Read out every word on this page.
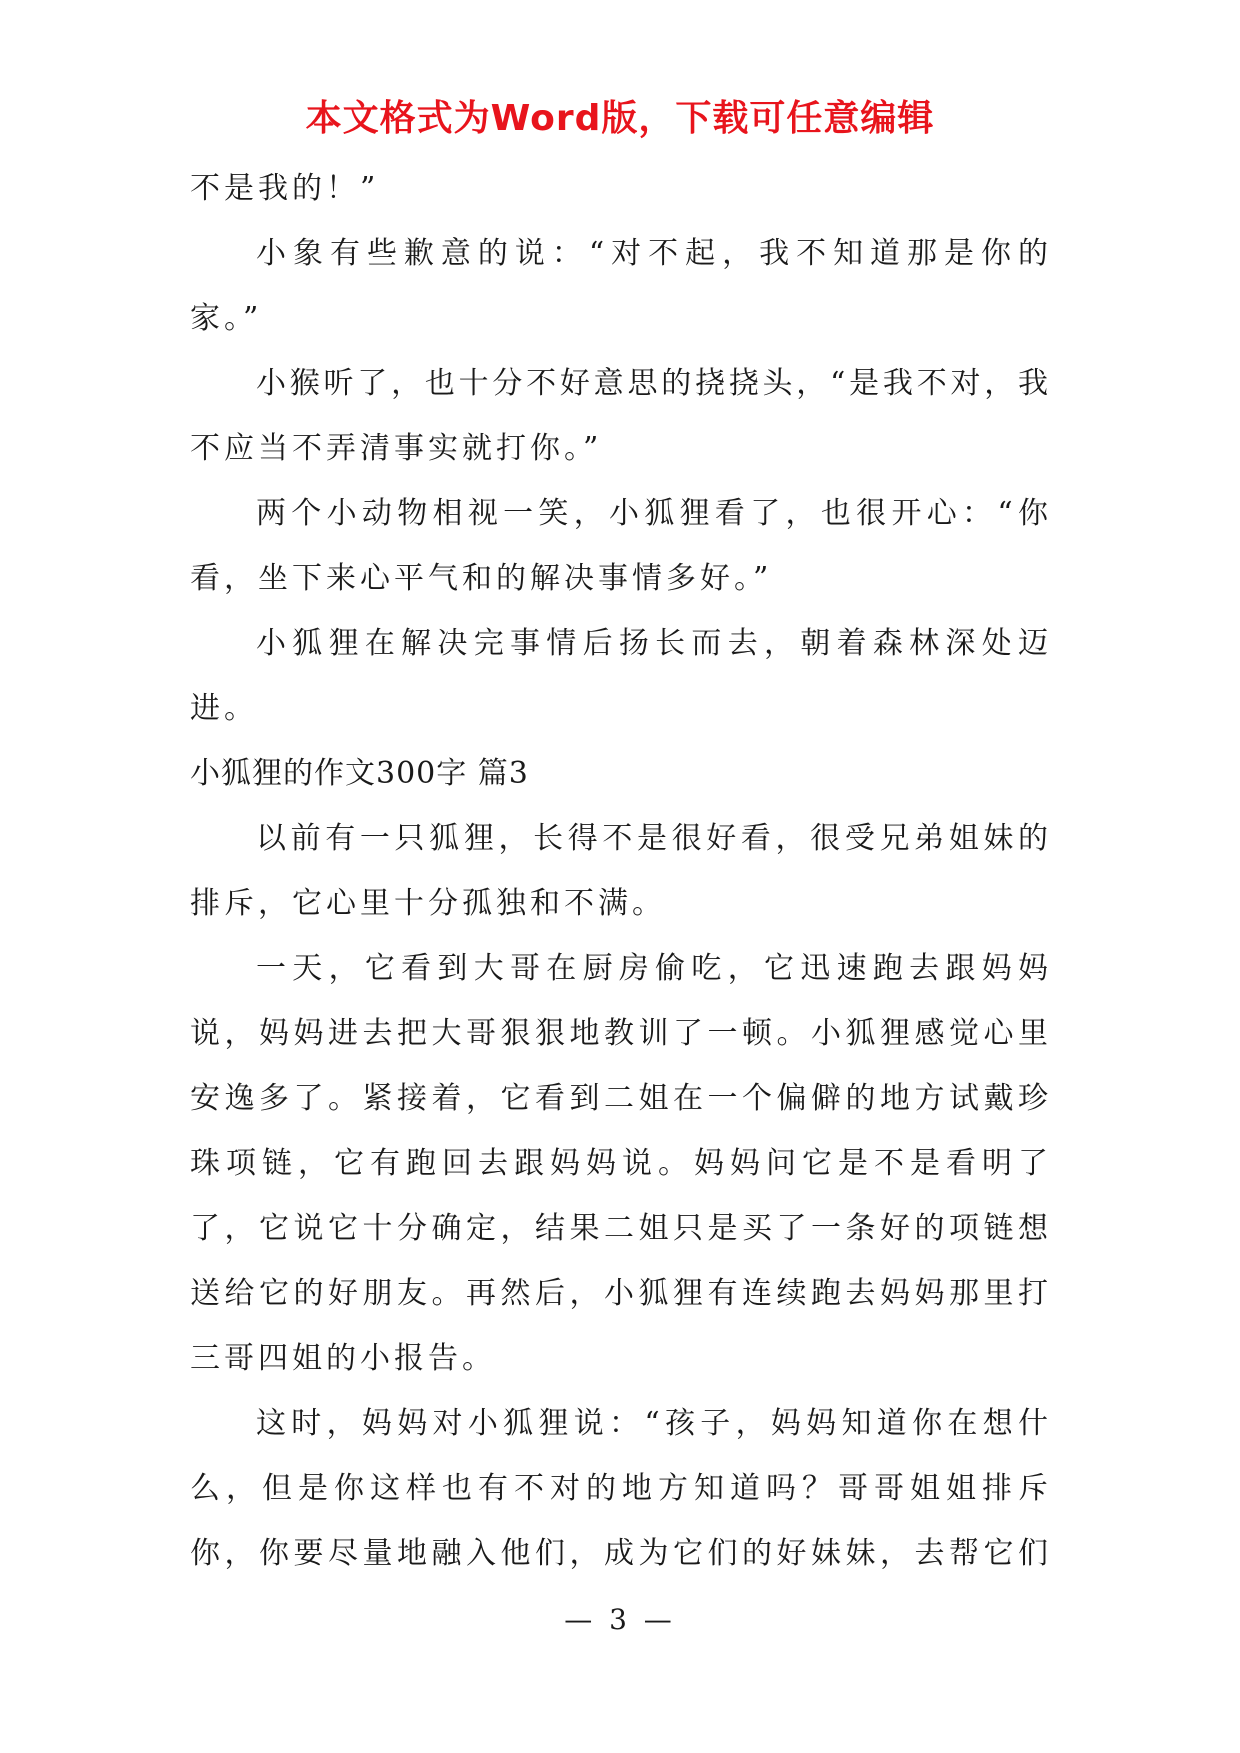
本文格式为Word版，下载可任意编辑
不是我的！”
小象有些歉意的说：“对不起，我不知道那是你的
家。”
小猴听了，也十分不好意思的挠挠头，“是我不对，我
不应当不弄清事实就打你。”
两个小动物相视一笑，小狐狸看了，也很开心：“你
看，坐下来心平气和的解决事情多好。”
小狐狸在解决完事情后扬长而去，朝着森林深处迈
进。
小狐狸的作文300字 篇3
以前有一只狐狸，长得不是很好看，很受兄弟姐妹的
排斥，它心里十分孤独和不满。
一天，它看到大哥在厨房偷吃，它迅速跑去跟妈妈
说，妈妈进去把大哥狠狠地教训了一顿。小狐狸感觉心里
安逸多了。紧接着，它看到二姐在一个偏僻的地方试戴珍
珠项链，它有跑回去跟妈妈说。妈妈问它是不是看明了
了，它说它十分确定，结果二姐只是买了一条好的项链想
送给它的好朋友。再然后，小狐狸有连续跑去妈妈那里打
三哥四姐的小报告。
这时，妈妈对小狐狸说：“孩子，妈妈知道你在想什
么，但是你这样也有不对的地方知道吗？哥哥姐姐排斥
你，你要尽量地融入他们，成为它们的好妹妹，去帮它们
— 3 —
